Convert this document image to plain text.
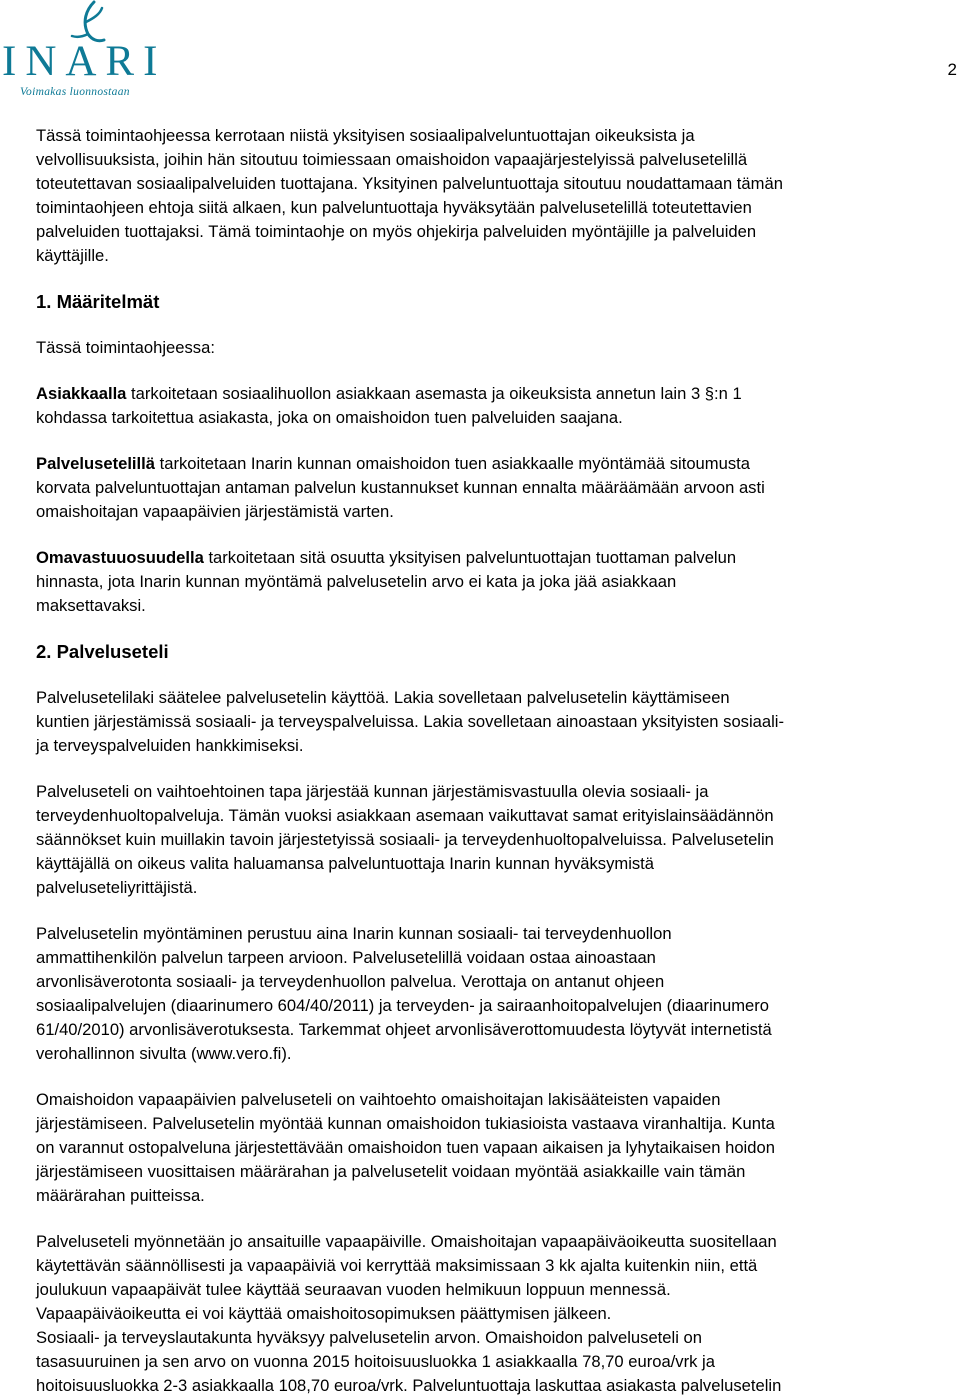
INARI
Voimakas luonnostaan
2

Tässä toimintaohjeessa kerrotaan niistä yksityisen sosiaalipalveluntuottajan oikeuksista ja
velvollisuuksista, joihin hän sitoutuu toimiessaan omaishoidon vapaajärjestelyissä palvelusetelillä
toteutettavan sosiaalipalveluiden tuottajana. Yksityinen palveluntuottaja sitoutuu noudattamaan tämän
toimintaohjeen ehtoja siitä alkaen, kun palveluntuottaja hyväksytään palvelusetelillä toteutettavien
palveluiden tuottajaksi. Tämä toimintaohje on myös ohjekirja palveluiden myöntäjille ja palveluiden
käyttäjille.

1. Määritelmät

Tässä toimintaohjeessa:

Asiakkaalla tarkoitetaan sosiaalihuollon asiakkaan asemasta ja oikeuksista annetun lain 3 §:n 1
kohdassa tarkoitettua asiakasta, joka on omaishoidon tuen palveluiden saajana.

Palvelusetelillä tarkoitetaan Inarin kunnan omaishoidon tuen asiakkaalle myöntämää sitoumusta
korvata palveluntuottajan antaman palvelun kustannukset kunnan ennalta määräämään arvoon asti
omaishoitajan vapaapäivien järjestämistä varten.

Omavastuuosuudella tarkoitetaan sitä osuutta yksityisen palveluntuottajan tuottaman palvelun
hinnasta, jota Inarin kunnan myöntämä palvelusetelin arvo ei kata ja joka jää asiakkaan
maksettavaksi.

2. Palveluseteli

Palvelusetelilaki säätelee palvelusetelin käyttöä. Lakia sovelletaan palvelusetelin käyttämiseen
kuntien järjestämissä sosiaali- ja terveyspalveluissa. Lakia sovelletaan ainoastaan yksityisten sosiaali-
ja terveyspalveluiden hankkimiseksi.

Palveluseteli on vaihtoehtoinen tapa järjestää kunnan järjestämisvastuulla olevia sosiaali- ja
terveydenhuoltopalveluja. Tämän vuoksi asiakkaan asemaan vaikuttavat samat erityislainsäädännön
säännökset kuin muillakin tavoin järjestetyissä sosiaali- ja terveydenhuoltopalveluissa. Palvelusetelin
käyttäjällä on oikeus valita haluamansa palveluntuottaja Inarin kunnan hyväksymistä
palveluseteliyrittäjistä.

Palvelusetelin myöntäminen perustuu aina Inarin kunnan sosiaali- tai terveydenhuollon
ammattihenkilön palvelun tarpeen arvioon. Palvelusetelillä voidaan ostaa ainoastaan
arvonlisäverotonta sosiaali- ja terveydenhuollon palvelua. Verottaja on antanut ohjeen
sosiaalipalvelujen (diaarinumero 604/40/2011) ja terveyden- ja sairaanhoitopalvelujen (diaarinumero
61/40/2010) arvonlisäverotuksesta. Tarkemmat ohjeet arvonlisäverottomuudesta löytyvät internetistä
verohallinnon sivulta (www.vero.fi).

Omaishoidon vapaapäivien palveluseteli on vaihtoehto omaishoitajan lakisääteisten vapaiden
järjestämiseen. Palvelusetelin myöntää kunnan omaishoidon tukiasioista vastaava viranhaltija. Kunta
on varannut ostopalveluna järjestettävään omaishoidon tuen vapaan aikaisen ja lyhytaikaisen hoidon
järjestämiseen vuosittaisen määrärahan ja palvelusetelit voidaan myöntää asiakkaille vain tämän
määrärahan puitteissa.

Palveluseteli myönnetään jo ansaituille vapaapäiville. Omaishoitajan vapaapäiväoikeutta suositellaan
käytettävän säännöllisesti ja vapaapäiviä voi kerryttää maksimissaan 3 kk ajalta kuitenkin niin, että
joulukuun vapaapäivät tulee käyttää seuraavan vuoden helmikuun loppuun mennessä.
Vapaapäiväoikeutta ei voi käyttää omaishoitosopimuksen päättymisen jälkeen.

Sosiaali- ja terveyslautakunta hyväksyy palvelusetelin arvon. Omaishoidon palveluseteli on
tasasuuruinen ja sen arvo on vuonna 2015 hoitoisuusluokka 1 asiakkaalla 78,70 euroa/vrk ja
hoitoisuusluokka 2-3 asiakkaalla 108,70 euroa/vrk. Palveluntuottaja laskuttaa asiakasta palvelusetelin
